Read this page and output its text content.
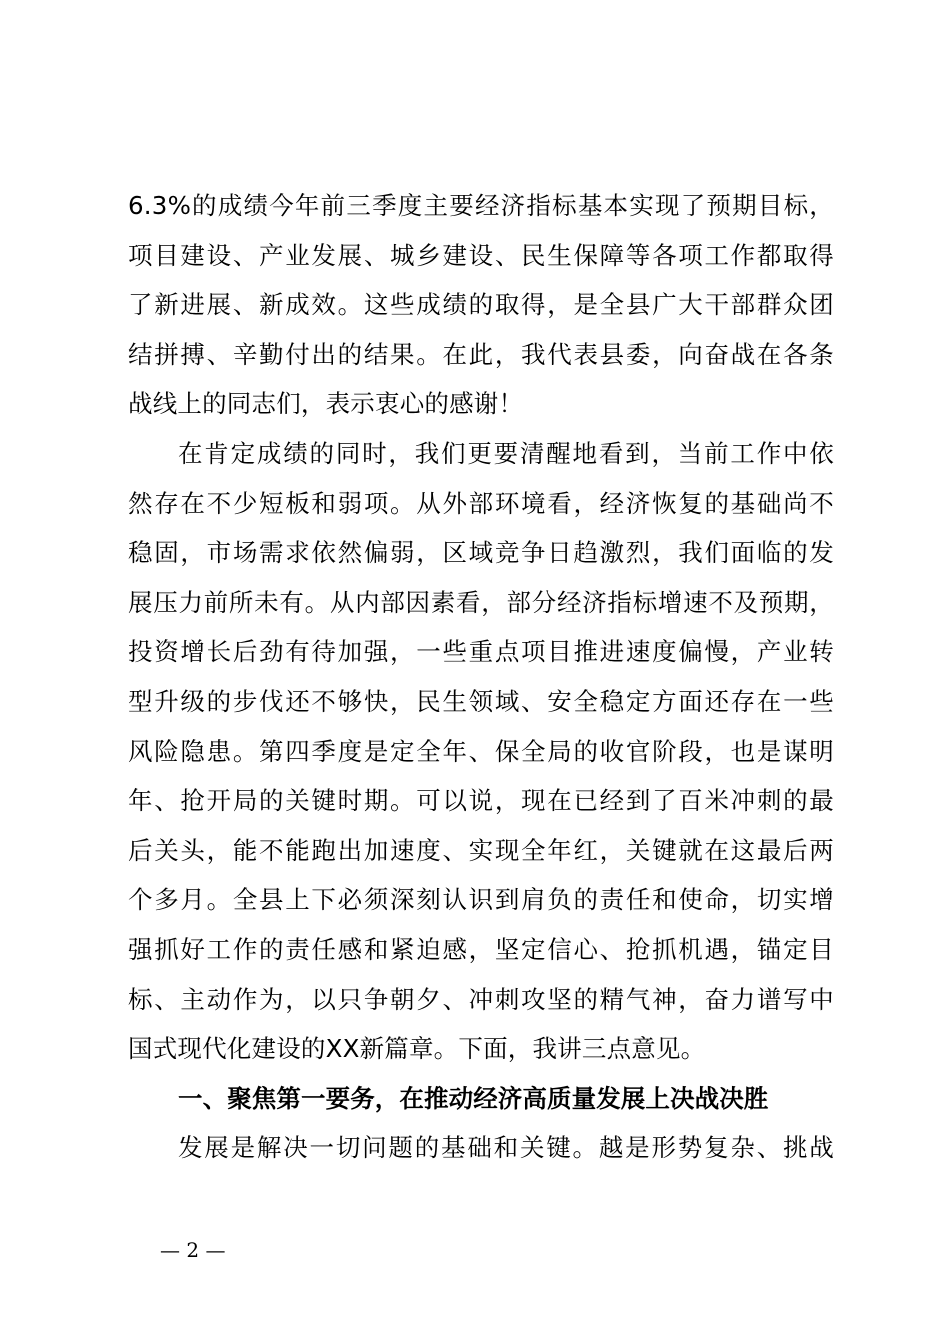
6.3%的成绩今年前三季度主要经济指标基本实现了预期目标，
项目建设、产业发展、城乡建设、民生保障等各项工作都取得
了新进展、新成效。这些成绩的取得，是全县广大干部群众团
结拼搏、辛勤付出的结果。在此，我代表县委，向奋战在各条
战线上的同志们，表示衷心的感谢！
在肯定成绩的同时，我们更要清醒地看到，当前工作中依
然存在不少短板和弱项。从外部环境看，经济恢复的基础尚不
稳固，市场需求依然偏弱，区域竞争日趋激烈，我们面临的发
展压力前所未有。从内部因素看，部分经济指标增速不及预期，
投资增长后劲有待加强，一些重点项目推进速度偏慢，产业转
型升级的步伐还不够快，民生领域、安全稳定方面还存在一些
风险隐患。第四季度是定全年、保全局的收官阶段，也是谋明
年、抢开局的关键时期。可以说，现在已经到了百米冲刺的最
后关头，能不能跑出加速度、实现全年红，关键就在这最后两
个多月。全县上下必须深刻认识到肩负的责任和使命，切实增
强抓好工作的责任感和紧迫感，坚定信心、抢抓机遇，锚定目
标、主动作为，以只争朝夕、冲刺攻坚的精气神，奋力谱写中
国式现代化建设的XX新篇章。下面，我讲三点意见。
一、聚焦第一要务，在推动经济高质量发展上决战决胜
发展是解决一切问题的基础和关键。越是形势复杂、挑战
— 2 —
